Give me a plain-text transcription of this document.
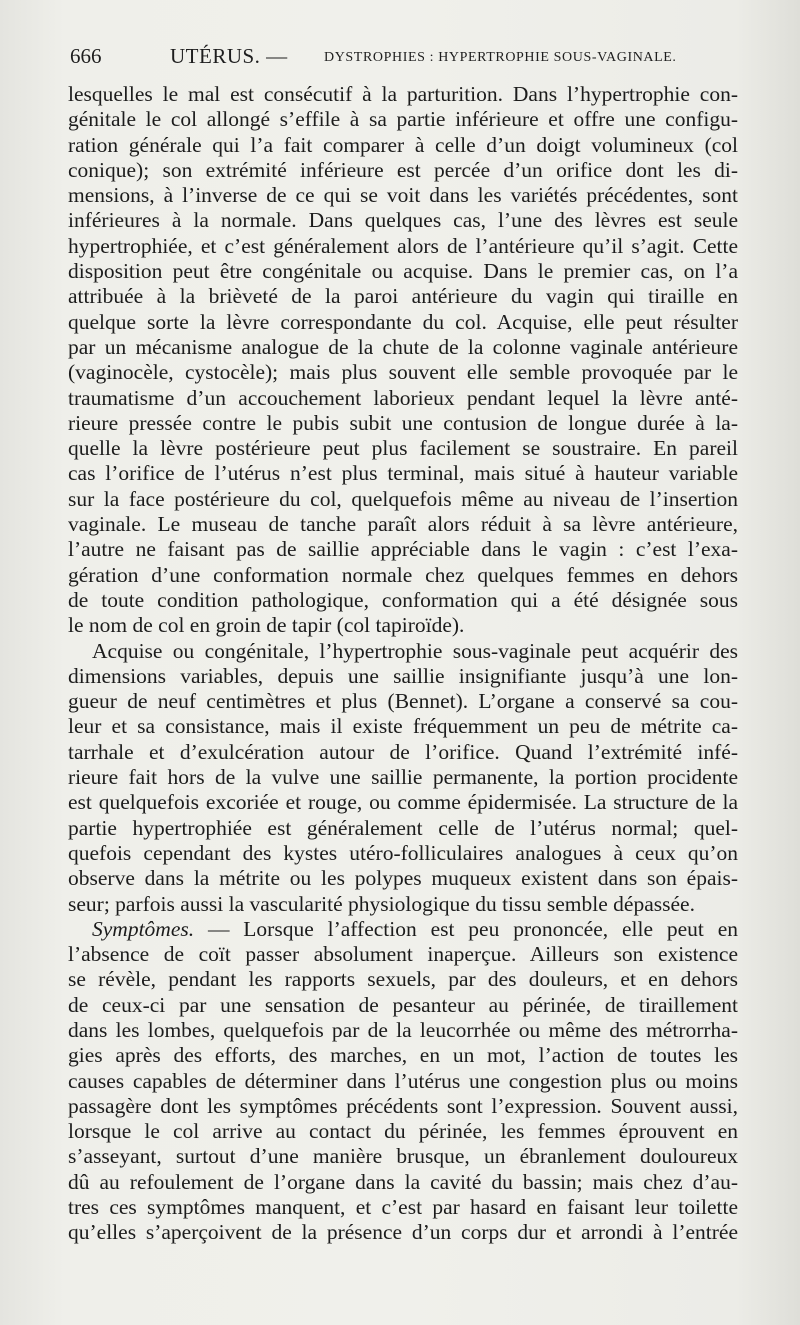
666	UTÉRUS. —	DYSTROPHIES : HYPERTROPHIE SOUS-VAGINALE.
lesquelles le mal est consécutif à la parturition. Dans l’hypertrophie con-
génitale le col allongé s’effile à sa partie inférieure et offre une configu-
ration générale qui l’a fait comparer à celle d’un doigt volumineux (col
conique); son extrémité inférieure est percée d’un orifice dont les di-
mensions, à l’inverse de ce qui se voit dans les variétés précédentes, sont
inférieures à la normale. Dans quelques cas, l’une des lèvres est seule
hypertrophiée, et c’est généralement alors de l’antérieure qu’il s’agit. Cette
disposition peut être congénitale ou acquise. Dans le premier cas, on l’a
attribuée à la brièveté de la paroi antérieure du vagin qui tiraille en
quelque sorte la lèvre correspondante du col. Acquise, elle peut résulter
par un mécanisme analogue de la chute de la colonne vaginale antérieure
(vaginocèle, cystocèle); mais plus souvent elle semble provoquée par le
traumatisme d’un accouchement laborieux pendant lequel la lèvre anté-
rieure pressée contre le pubis subit une contusion de longue durée à la-
quelle la lèvre postérieure peut plus facilement se soustraire. En pareil
cas l’orifice de l’utérus n’est plus terminal, mais situé à hauteur variable
sur la face postérieure du col, quelquefois même au niveau de l’insertion
vaginale. Le museau de tanche paraît alors réduit à sa lèvre antérieure,
l’autre ne faisant pas de saillie appréciable dans le vagin : c’est l’exa-
gération d’une conformation normale chez quelques femmes en dehors
de toute condition pathologique, conformation qui a été désignée sous
le nom de col en groin de tapir (col tapiroïde).
Acquise ou congénitale, l’hypertrophie sous-vaginale peut acquérir des
dimensions variables, depuis une saillie insignifiante jusqu’à une lon-
gueur de neuf centimètres et plus (Bennet). L’organe a conservé sa cou-
leur et sa consistance, mais il existe fréquemment un peu de métrite ca-
tarrhale et d’exulcération autour de l’orifice. Quand l’extrémité infé-
rieure fait hors de la vulve une saillie permanente, la portion procidente
est quelquefois excoriée et rouge, ou comme épidermisée. La structure de la
partie hypertrophiée est généralement celle de l’utérus normal; quel-
quefois cependant des kystes utéro-folliculaires analogues à ceux qu’on
observe dans la métrite ou les polypes muqueux existent dans son épais-
seur; parfois aussi la vascularité physiologique du tissu semble dépassée.
Symptômes. — Lorsque l’affection est peu prononcée, elle peut en
l’absence de coït passer absolument inaperçue. Ailleurs son existence
se révèle, pendant les rapports sexuels, par des douleurs, et en dehors
de ceux-ci par une sensation de pesanteur au périnée, de tiraillement
dans les lombes, quelquefois par de la leucorrhée ou même des métrorrha-
gies après des efforts, des marches, en un mot, l’action de toutes les
causes capables de déterminer dans l’utérus une congestion plus ou moins
passagère dont les symptômes précédents sont l’expression. Souvent aussi,
lorsque le col arrive au contact du périnée, les femmes éprouvent en
s’asseyant, surtout d’une manière brusque, un ébranlement douloureux
dû au refoulement de l’organe dans la cavité du bassin; mais chez d’au-
tres ces symptômes manquent, et c’est par hasard en faisant leur toilette
qu’elles s’aperçoivent de la présence d’un corps dur et arrondi à l’entrée
